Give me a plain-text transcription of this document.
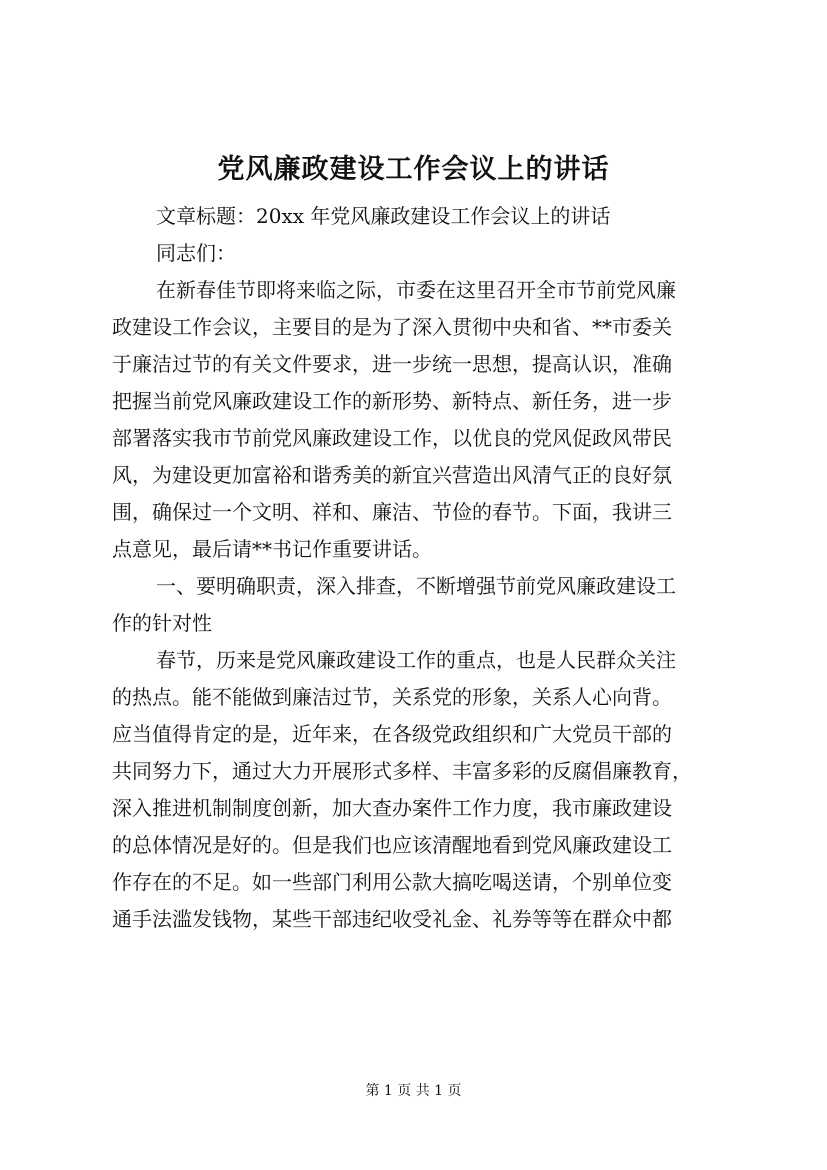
党风廉政建设工作会议上的讲话
文章标题：20xx 年党风廉政建设工作会议上的讲话
同志们：
在新春佳节即将来临之际，市委在这里召开全市节前党风廉
政建设工作会议，主要目的是为了深入贯彻中央和省、**市委关
于廉洁过节的有关文件要求，进一步统一思想，提高认识，准确
把握当前党风廉政建设工作的新形势、新特点、新任务，进一步
部署落实我市节前党风廉政建设工作，以优良的党风促政风带民
风，为建设更加富裕和谐秀美的新宜兴营造出风清气正的良好氛
围，确保过一个文明、祥和、廉洁、节俭的春节。下面，我讲三
点意见，最后请**书记作重要讲话。
一、要明确职责，深入排查，不断增强节前党风廉政建设工
作的针对性
春节，历来是党风廉政建设工作的重点，也是人民群众关注
的热点。能不能做到廉洁过节，关系党的形象，关系人心向背。
应当值得肯定的是，近年来，在各级党政组织和广大党员干部的
共同努力下，通过大力开展形式多样、丰富多彩的反腐倡廉教育，
深入推进机制制度创新，加大查办案件工作力度，我市廉政建设
的总体情况是好的。但是我们也应该清醒地看到党风廉政建设工
作存在的不足。如一些部门利用公款大搞吃喝送请，个别单位变
通手法滥发钱物，某些干部违纪收受礼金、礼券等等在群众中都
第 1 页 共 1 页
